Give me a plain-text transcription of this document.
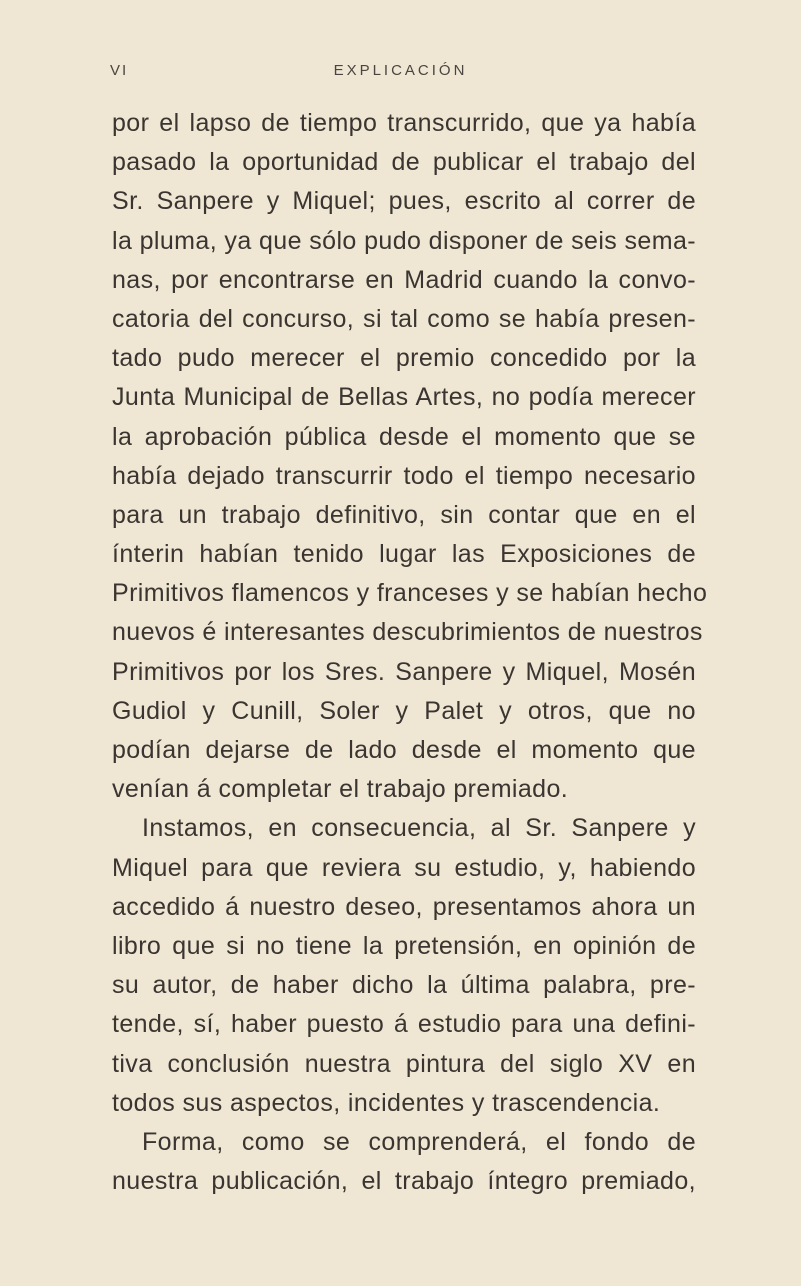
VI	EXPLICACIÓN
por el lapso de tiempo transcurrido, que ya había
pasado la oportunidad de publicar el trabajo del
Sr. Sanpere y Miquel; pues, escrito al correr de
la pluma, ya que sólo pudo disponer de seis sema-
nas, por encontrarse en Madrid cuando la convo-
catoria del concurso, si tal como se había presen-
tado pudo merecer el premio concedido por la
Junta Municipal de Bellas Artes, no podía merecer
la aprobación pública desde el momento que se
había dejado transcurrir todo el tiempo necesario
para un trabajo definitivo, sin contar que en el
ínterin habían tenido lugar las Exposiciones de
Primitivos flamencos y franceses y se habían hecho
nuevos é interesantes descubrimientos de nuestros
Primitivos por los Sres. Sanpere y Miquel, Mosén
Gudiol y Cunill, Soler y Palet y otros, que no
podían dejarse de lado desde el momento que
venían á completar el trabajo premiado.
Instamos, en consecuencia, al Sr. Sanpere y
Miquel para que reviera su estudio, y, habiendo
accedido á nuestro deseo, presentamos ahora un
libro que si no tiene la pretensión, en opinión de
su autor, de haber dicho la última palabra, pre-
tende, sí, haber puesto á estudio para una defini-
tiva conclusión nuestra pintura del siglo XV en
todos sus aspectos, incidentes y trascendencia.
Forma, como se comprenderá, el fondo de
nuestra publicación, el trabajo íntegro premiado,
